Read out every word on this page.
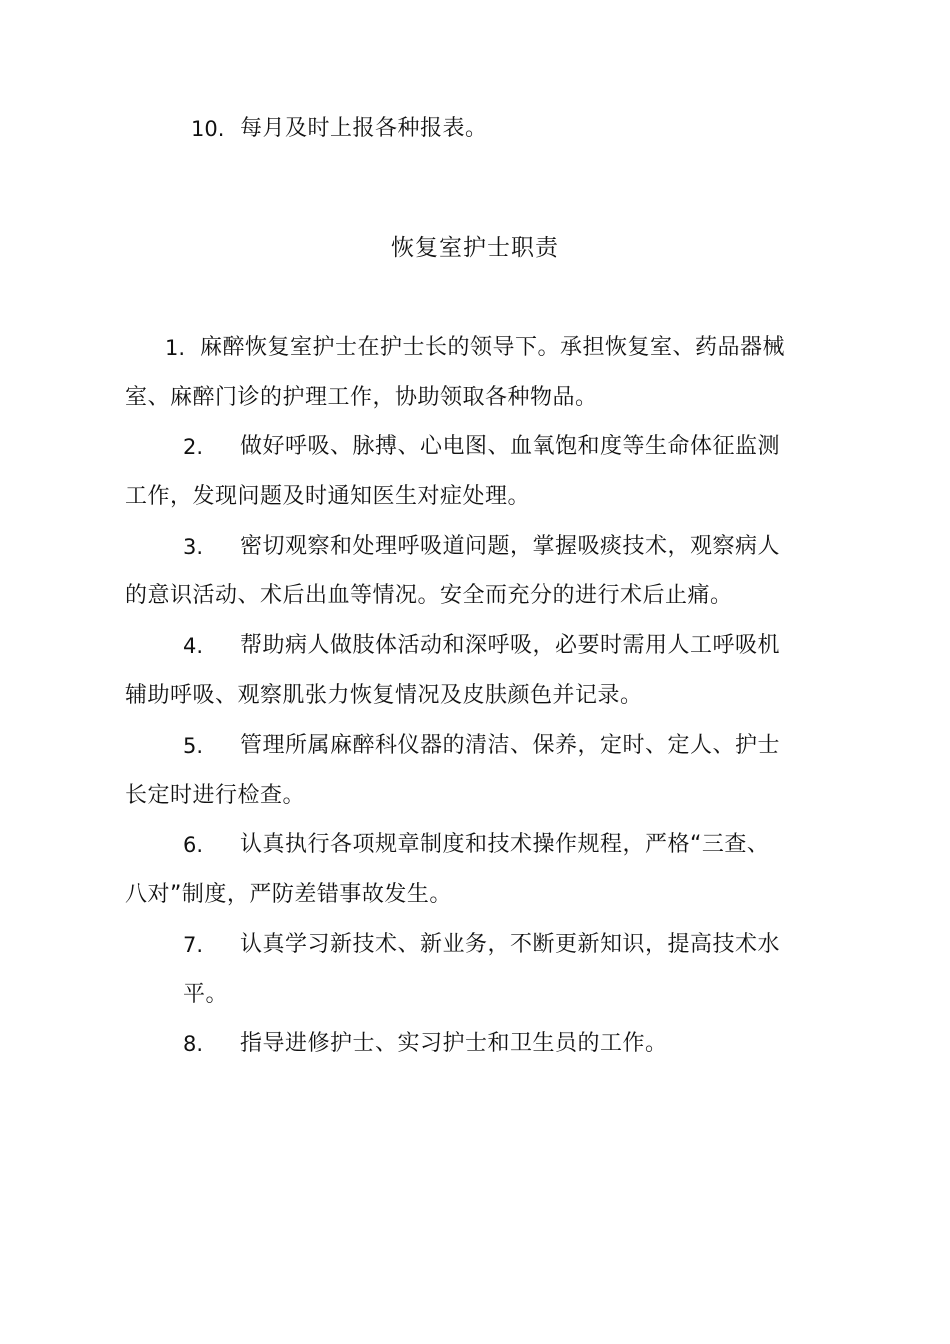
10. 每月及时上报各种报表。
恢复室护士职责
1. 麻醉恢复室护士在护士长的领导下。承担恢复室、药品器械
室、麻醉门诊的护理工作，协助领取各种物品。
2. 做好呼吸、脉搏、心电图、血氧饱和度等生命体征监测
工作，发现问题及时通知医生对症处理。
3. 密切观察和处理呼吸道问题，掌握吸痰技术，观察病人
的意识活动、术后出血等情况。安全而充分的进行术后止痛。
4. 帮助病人做肢体活动和深呼吸，必要时需用人工呼吸机
辅助呼吸、观察肌张力恢复情况及皮肤颜色并记录。
5. 管理所属麻醉科仪器的清洁、保养，定时、定人、护士
长定时进行检查。
6. 认真执行各项规章制度和技术操作规程，严格“三查、
八对”制度，严防差错事故发生。
7. 认真学习新技术、新业务，不断更新知识，提高技术水
平。
8. 指导进修护士、实习护士和卫生员的工作。
